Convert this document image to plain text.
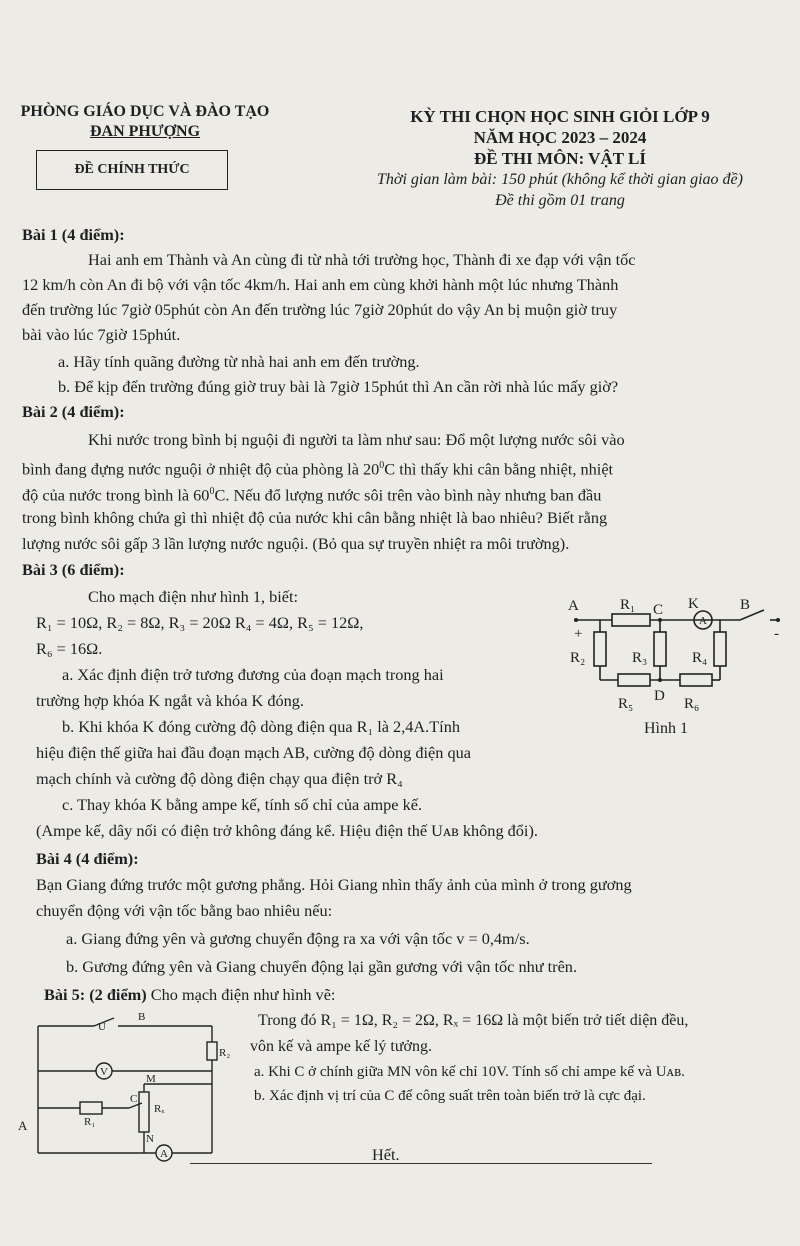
PHÒNG GIÁO DỤC VÀ ĐÀO TẠO
ĐAN PHƯỢNG
ĐỀ CHÍNH THỨC
KỲ THI CHỌN HỌC SINH GIỎI LỚP 9
NĂM HỌC 2023 – 2024
ĐỀ THI MÔN: VẬT LÍ
Thời gian làm bài: 150 phút (không kể thời gian giao đề)
Đề thi gồm 01 trang
Bài 1 (4 điểm):
Hai anh em Thành và An cùng đi từ nhà tới trường học, Thành đi xe đạp với vận tốc
12 km/h còn An đi bộ với vận tốc 4km/h. Hai anh em cùng khởi hành một lúc nhưng Thành
đến trường lúc 7giờ 05phút còn An đến trường lúc 7giờ 20phút do vậy An bị muộn giờ truy
bài vào lúc 7giờ 15phút.
a. Hãy tính quãng đường từ nhà hai anh em đến trường.
b. Để kịp đến trường đúng giờ truy bài là 7giờ 15phút thì An cần rời nhà lúc mấy giờ?
Bài 2 (4 điểm):
Khi nước trong bình bị nguội đi người ta làm như sau: Đổ một lượng nước sôi vào
bình đang đựng nước nguội ở nhiệt độ của phòng là $20^0C$ thì thấy khi cân bằng nhiệt, nhiệt
độ của nước trong bình là $60^0C$. Nếu đổ lượng nước sôi trên vào bình này nhưng ban đầu
trong bình không chứa gì thì nhiệt độ của nước khi cân bằng nhiệt là bao nhiêu? Biết rằng
lượng nước sôi gấp 3 lần lượng nước nguội. (Bỏ qua sự truyền nhiệt ra môi trường).
Bài 3 (6 điểm):
Cho mạch điện như hình 1, biết:
R₁ = 10Ω, R₂ = 8Ω, R₃ = 20Ω R₄ = 4Ω, R₅ = 12Ω,
R₆ = 16Ω.
a. Xác định điện trở tương đương của đoạn mạch trong hai
trường hợp khóa K ngắt và khóa K đóng.
b. Khi khóa K đóng cường độ dòng điện qua R₁ là 2,4A.Tính
hiệu điện thế giữa hai đầu đoạn mạch AB, cường độ dòng điện qua
mạch chính và cường độ dòng điện chạy qua điện trở R₄
c. Thay khóa K bằng ampe kế, tính số chỉ của ampe kế.
(Ampe kế, dây nối có điện trở không đáng kể. Hiệu điện thế Uᴀʙ không đổi).
A	R₁ C K
A
B
+	-
R₂	R₃	R₄
R₅ D R₆
Hình 1
Bài 4 (4 điểm):
Bạn Giang đứng trước một gương phẳng. Hỏi Giang nhìn thấy ảnh của mình ở trong gương
chuyển động với vận tốc bằng bao nhiêu nếu:
a. Giang đứng yên và gương chuyển động ra xa với vận tốc v = 0,4m/s.
b. Gương đứng yên và Giang chuyển động lại gần gương với vận tốc như trên.
Bài 5: (2 điểm) Cho mạch điện như hình vẽ:
Trong đó R₁ = 1Ω, R₂ = 2Ω, Rₓ = 16Ω là một biến trở tiết diện đều,
vôn kế và ampe kế lý tưởng.
a. Khi C ở chính giữa MN vôn kế chỉ 10V. Tính số chỉ ampe kế và Uᴀʙ.
b. Xác định vị trí của C để công suất trên toàn biến trở là cực đại.
A
U
B
R₂
V
M
C
Rₓ
R₁
N
A	Hết.
